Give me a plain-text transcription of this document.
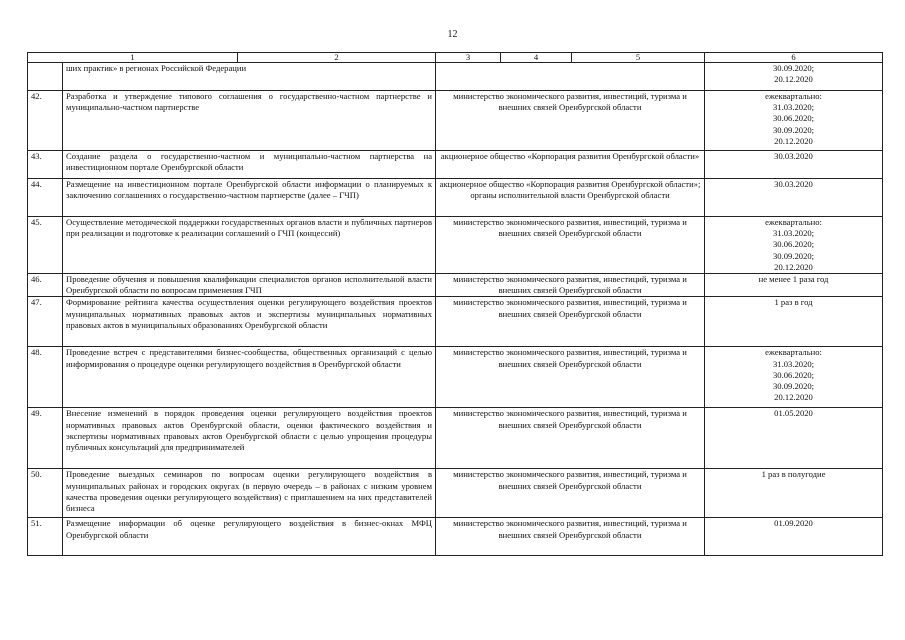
12
1		2	3	4	5	6
	ших практик» в регионах Российской Федерации					30.09.2020;
20.12.2020

42.	Разработка и утверждение типового соглашения о государственно-частном партнерстве и муниципально-частном партнерстве		министерство экономического развития, инвестиций, туризма и внешних связей Оренбургской области			ежеквартально:
31.03.2020;
30.06.2020;
30.09.2020;
20.12.2020

43.	Создание раздела о государственно-частном и муниципально-частном партнерства на инвестиционном портале Оренбургской области		акционерное общество «Корпорация развития Оренбургской области»			30.03.2020

44.	Размещение на инвестиционном портале Оренбургской области информации о планируемых к заключению соглашениях о государственно-частном партнерстве (далее – ГЧП)		акционерное общество «Корпорация развития Оренбургской области»; органы исполнительной власти Оренбургской области			30.03.2020

45.	Осуществление методической поддержки государственных органов власти и публичных партнеров при реализации и подготовке к реализации соглашений о ГЧП (концессий)		министерство экономического развития, инвестиций, туризма и внешних связей Оренбургской области			ежеквартально:
31.03.2020;
30.06.2020;
30.09.2020;
20.12.2020

46.	Проведение обучения и повышения квалификации специалистов органов исполнительной власти Оренбургской области по вопросам применения ГЧП		министерство экономического развития, инвестиций, туризма и внешних связей Оренбургской области			не менее 1 раза год

47.	Формирование рейтинга качества осуществления оценки регулирующего воздействия проектов муниципальных нормативных правовых актов и экспертизы муниципальных нормативных правовых актов в муниципальных образованиях Оренбургской области		министерство экономического развития, инвестиций, туризма и внешних связей Оренбургской области			1 раз в год

48.	Проведение встреч с представителями бизнес-сообщества, общественных организаций с целью информирования о процедуре оценки регулирующего воздействия в Оренбургской области		министерство экономического развития, инвестиций, туризма и внешних связей Оренбургской области			ежеквартально:
31.03.2020;
30.06.2020;
30.09.2020;
20.12.2020

49.	Внесение изменений в порядок проведения оценки регулирующего воздействия проектов нормативных правовых актов Оренбургской области, оценки фактического воздействия и экспертизы нормативных правовых актов Оренбургской области с целью упрощения процедуры публичных консультаций для предпринимателей		министерство экономического развития, инвестиций, туризма и внешних связей Оренбургской области			01.05.2020

50.	Проведение выездных семинаров по вопросам оценки регулирующего воздействия в муниципальных районах и городских округах (в первую очередь – в районах с низким уровнем качества проведения оценки регулирующего воздействия) с приглашением на них представителей бизнеса		министерство экономического развития, инвестиций, туризма и внешних связей Оренбургской области			1 раз в полугодие

51.	Размещение информации об оценке регулирующего воздействия в бизнес-окнах МФЦ Оренбургской области		министерство экономического развития, инвестиций, туризма и внешних связей Оренбургской области			01.09.2020
